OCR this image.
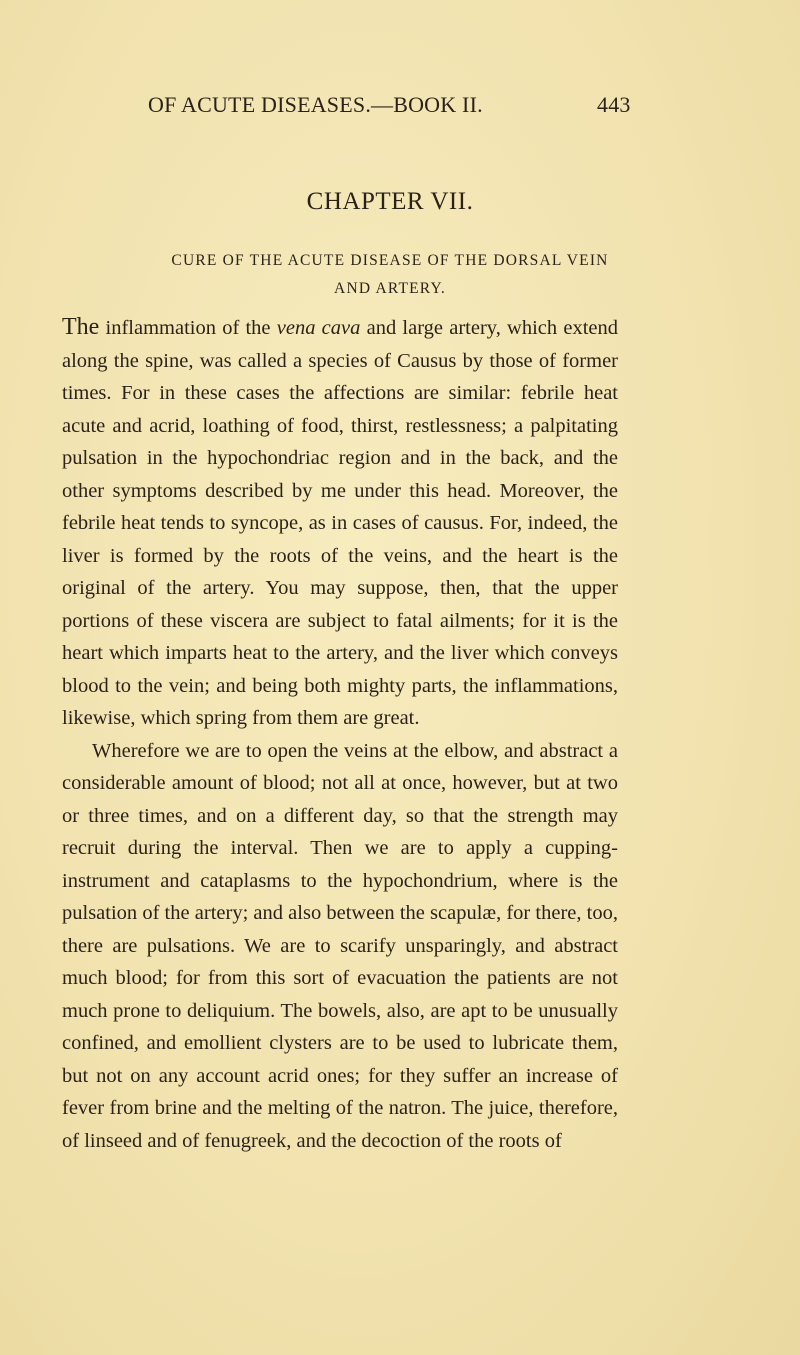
OF ACUTE DISEASES.—BOOK II.	443
CHAPTER VII.
CURE OF THE ACUTE DISEASE OF THE DORSAL VEIN
AND ARTERY.

The inflammation of the vena cava and large artery, which extend along the spine, was called a species of Causus by those of former times. For in these cases the affections are similar: febrile heat acute and acrid, loathing of food, thirst, restlessness; a palpitating pulsation in the hypochondriac region and in the back, and the other symptoms described by me under this head. Moreover, the febrile heat tends to syncope, as in cases of causus. For, indeed, the liver is formed by the roots of the veins, and the heart is the original of the artery. You may suppose, then, that the upper portions of these viscera are subject to fatal ailments; for it is the heart which imparts heat to the artery, and the liver which conveys blood to the vein; and being both mighty parts, the inflammations, likewise, which spring from them are great.

Wherefore we are to open the veins at the elbow, and abstract a considerable amount of blood; not all at once, however, but at two or three times, and on a different day, so that the strength may recruit during the interval. Then we are to apply a cupping-instrument and cataplasms to the hypochondrium, where is the pulsation of the artery; and also between the scapulæ, for there, too, there are pulsations. We are to scarify unsparingly, and abstract much blood; for from this sort of evacuation the patients are not much prone to deliquium. The bowels, also, are apt to be unusually confined, and emollient clysters are to be used to lubricate them, but not on any account acrid ones; for they suffer an increase of fever from brine and the melting of the natron. The juice, therefore, of linseed and of fenugreek, and the decoction of the roots of
